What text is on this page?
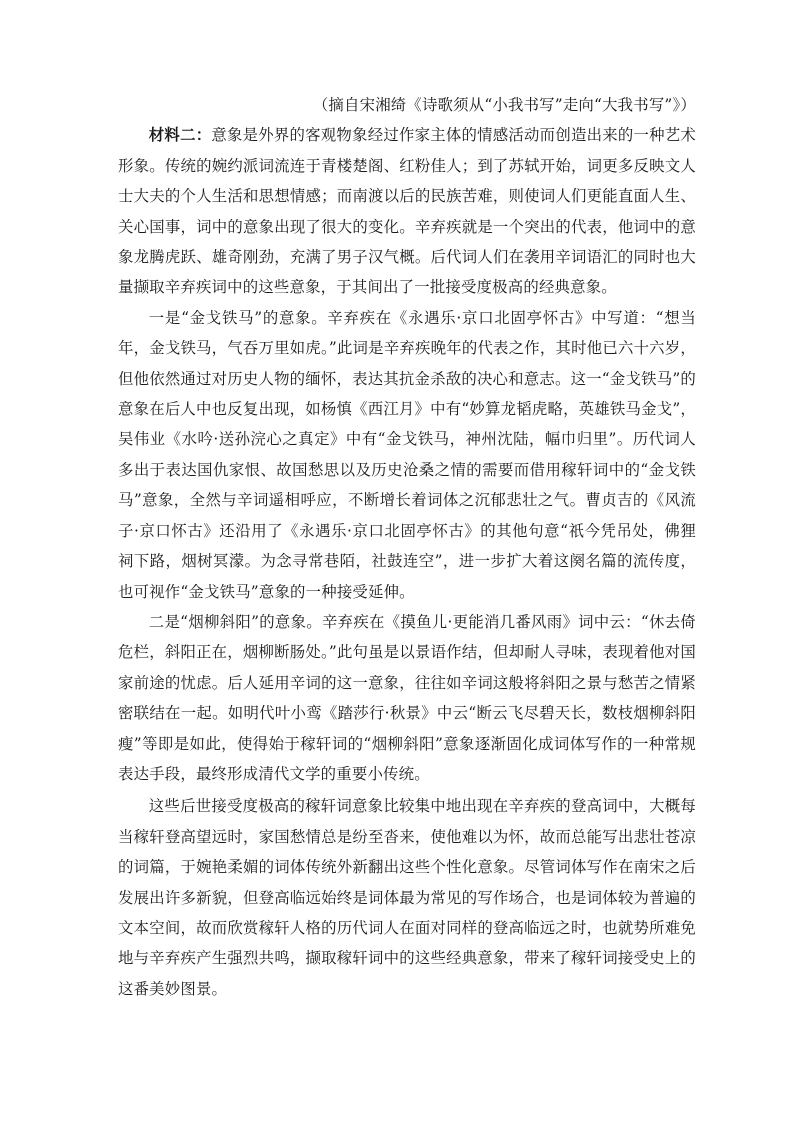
（摘自宋湘绮《诗歌须从“小我书写”走向“大我书写”》）

材料二：意象是外界的客观物象经过作家主体的情感活动而创造出来的一种艺术形象。传统的婉约派词流连于青楼楚阁、红粉佳人；到了苏轼开始，词更多反映文人士大夫的个人生活和思想情感；而南渡以后的民族苦难，则使词人们更能直面人生、关心国事，词中的意象出现了很大的变化。辛弃疾就是一个突出的代表，他词中的意象龙腾虎跃、雄奇刚劲，充满了男子汉气概。后代词人们在袭用辛词语汇的同时也大量撷取辛弃疾词中的这些意象，于其间出了一批接受度极高的经典意象。

一是“金戈铁马”的意象。辛弃疾在《永遇乐·京口北固亭怀古》中写道：“想当年，金戈铁马，气吞万里如虎。”此词是辛弃疾晚年的代表之作，其时他已六十六岁，但他依然通过对历史人物的缅怀，表达其抗金杀敌的决心和意志。这一“金戈铁马”的意象在后人中也反复出现，如杨慎《西江月》中有“妙算龙韬虎略，英雄铁马金戈”，吴伟业《水吟·送孙浣心之真定》中有“金戈铁马，神州沈陆，幅巾归里”。历代词人多出于表达国仇家恨、故国愁思以及历史沧桑之情的需要而借用稼轩词中的“金戈铁马”意象，全然与辛词遥相呼应，不断增长着词体之沉郁悲壮之气。曹贞吉的《风流子·京口怀古》还沿用了《永遇乐·京口北固亭怀古》的其他句意“祇今凭吊处，佛狸祠下路，烟树冥濛。为念寻常巷陌，社鼓连空”，进一步扩大着这阕名篇的流传度，也可视作“金戈铁马”意象的一种接受延伸。

二是“烟柳斜阳”的意象。辛弃疾在《摸鱼儿·更能消几番风雨》词中云：“休去倚危栏，斜阳正在，烟柳断肠处。”此句虽是以景语作结，但却耐人寻味，表现着他对国家前途的忧虑。后人延用辛词的这一意象，往往如辛词这般将斜阳之景与愁苦之情紧密联结在一起。如明代叶小鸾《踏莎行·秋景》中云“断云飞尽碧天长，数枝烟柳斜阳瘦”等即是如此，使得始于稼轩词的“烟柳斜阳”意象逐渐固化成词体写作的一种常规表达手段，最终形成清代文学的重要小传统。

这些后世接受度极高的稼轩词意象比较集中地出现在辛弃疾的登高词中，大概每当稼轩登高望远时，家国愁情总是纷至沓来，使他难以为怀，故而总能写出悲壮苍凉的词篇，于婉艳柔媚的词体传统外新翻出这些个性化意象。尽管词体写作在南宋之后发展出许多新貌，但登高临远始终是词体最为常见的写作场合，也是词体较为普遍的文本空间，故而欣赏稼轩人格的历代词人在面对同样的登高临远之时，也就势所难免地与辛弃疾产生强烈共鸣，撷取稼轩词中的这些经典意象，带来了稼轩词接受史上的这番美妙图景。
